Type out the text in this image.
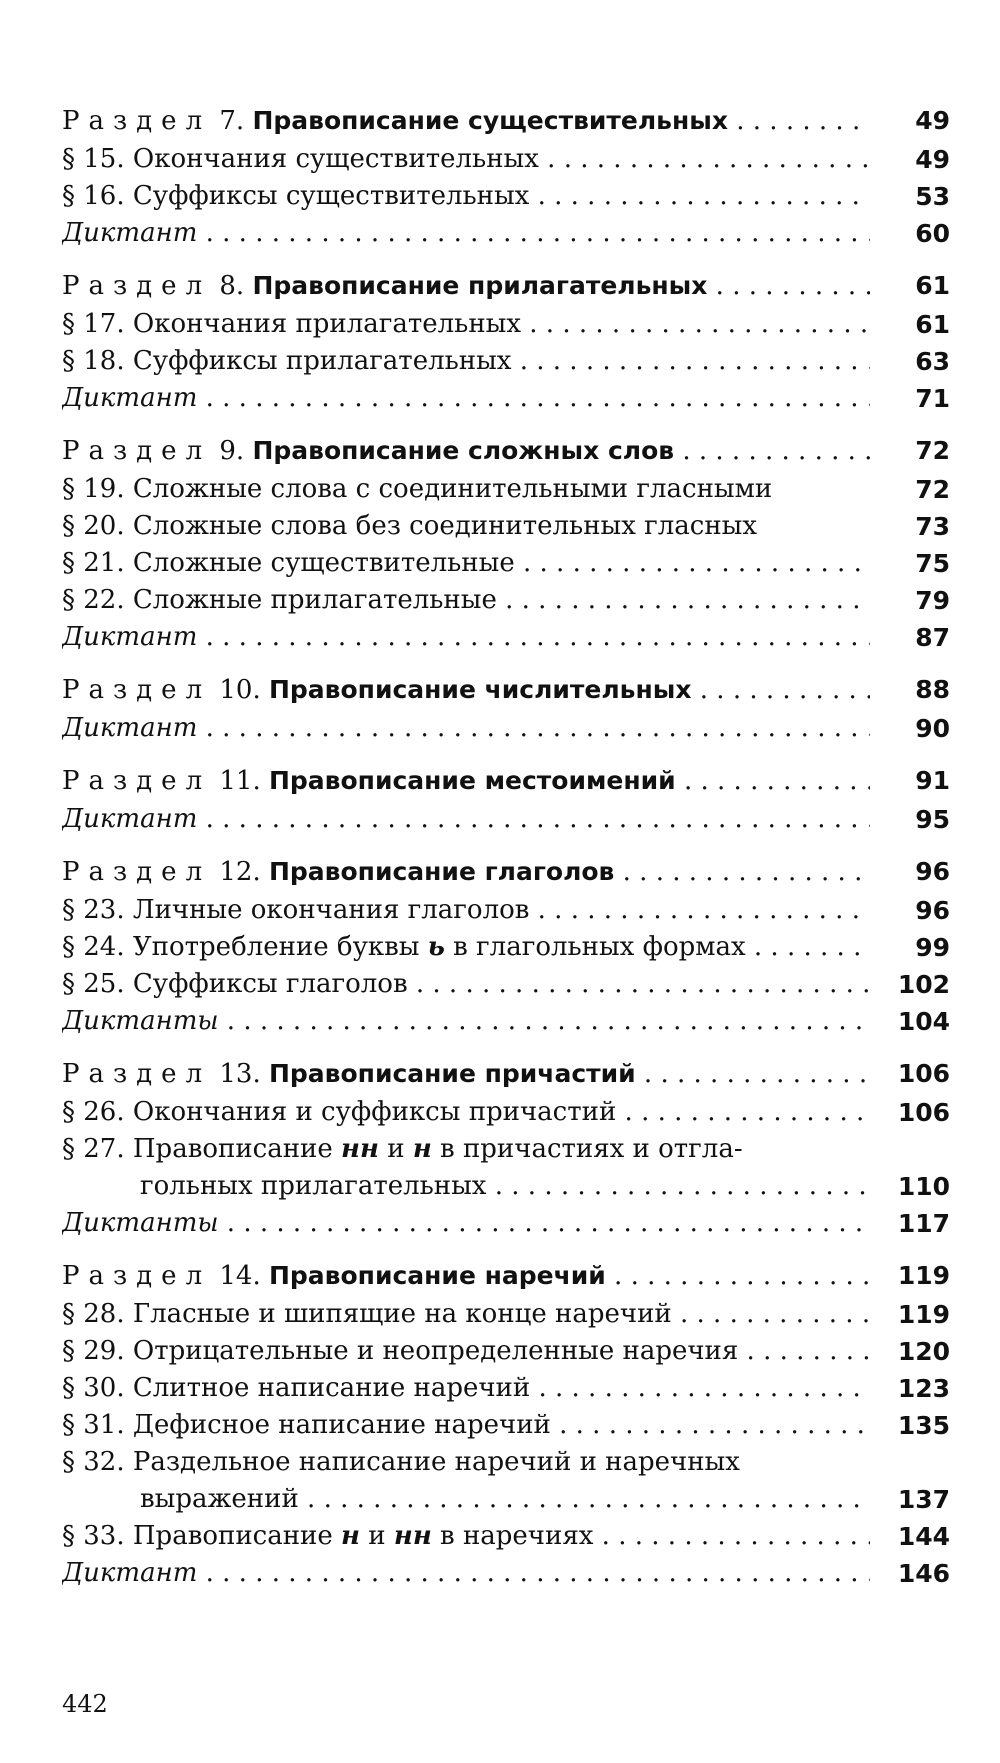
Раздел 7. Правописание существительных . . .	49
§ 15. Окончания существительных . . .	49
§ 16. Суффиксы существительных . . .	53
Диктант . . .	60
Раздел 8. Правописание прилагательных . . .	61
§ 17. Окончания прилагательных . . .	61
§ 18. Суффиксы прилагательных . . .	63
Диктант . . .	71
Раздел 9. Правописание сложных слов . . .	72
§ 19. Сложные слова с соединительными гласными	72
§ 20. Сложные слова без соединительных гласных	73
§ 21. Сложные существительные . . .	75
§ 22. Сложные прилагательные . . .	79
Диктант . . .	87
Раздел 10. Правописание числительных . . .	88
Диктант . . .	90
Раздел 11. Правописание местоимений . . .	91
Диктант . . .	95
Раздел 12. Правописание глаголов . . .	96
§ 23. Личные окончания глаголов . . .	96
§ 24. Употребление буквы ь в глагольных формах . . .	99
§ 25. Суффиксы глаголов . . .	102
Диктанты . . .	104
Раздел 13. Правописание причастий . . .	106
§ 26. Окончания и суффиксы причастий . . .	106
§ 27. Правописание нн и н в причастиях и отгла-
гольных прилагательных . . .	110
Диктанты . . .	117
Раздел 14. Правописание наречий . . .	119
§ 28. Гласные и шипящие на конце наречий . . .	119
§ 29. Отрицательные и неопределенные наречия . . .	120
§ 30. Слитное написание наречий . . .	123
§ 31. Дефисное написание наречий . . .	135
§ 32. Раздельное написание наречий и наречных
выражений . . .	137
§ 33. Правописание н и нн в наречиях . . .	144
Диктант . . .	146
442
